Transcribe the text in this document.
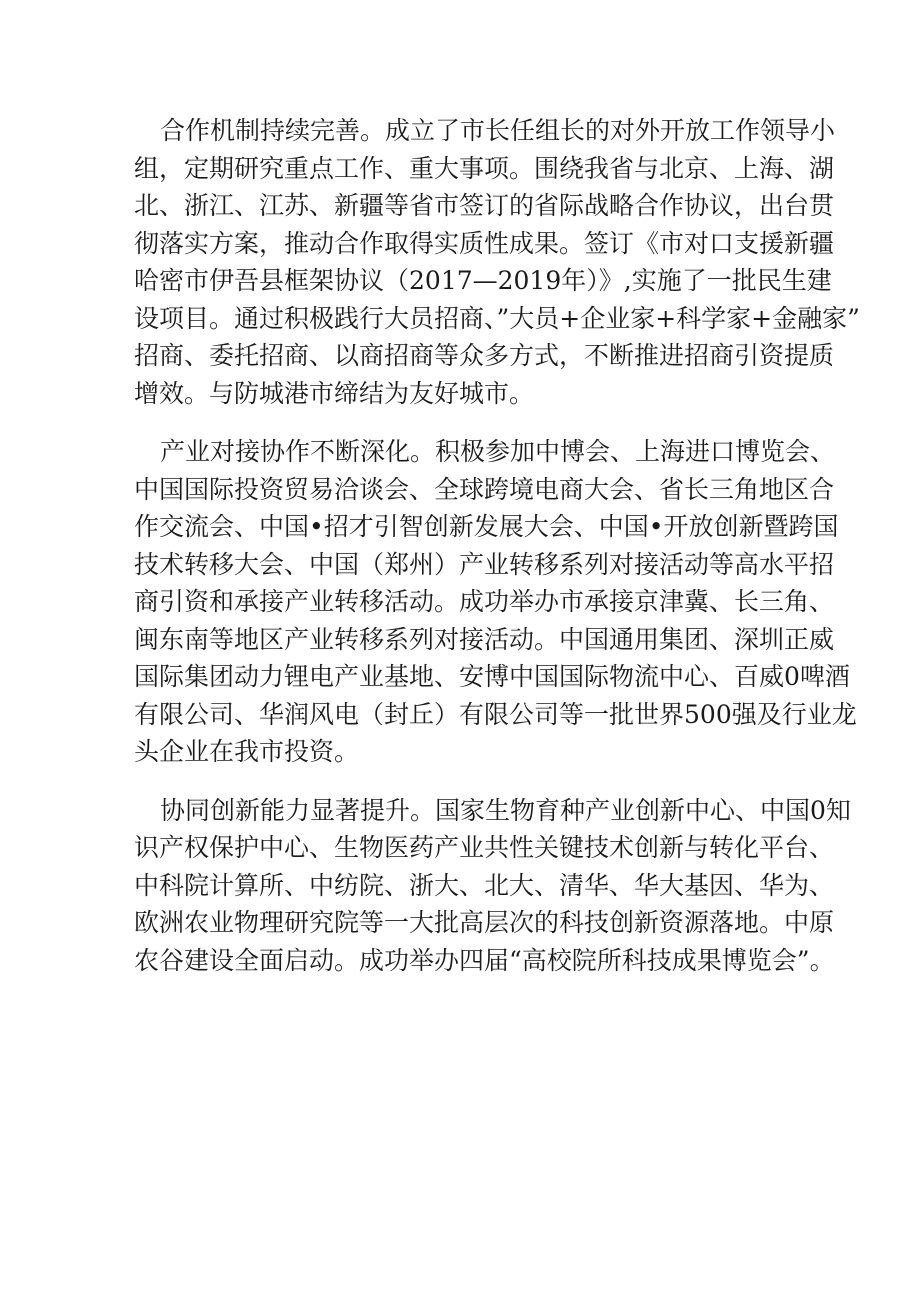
合作机制持续完善。成立了市长任组长的对外开放工作领导小
组，定期研究重点工作、重大事项。围绕我省与北京、上海、湖
北、浙江、江苏、新疆等省市签订的省际战略合作协议，出台贯
彻落实方案，推动合作取得实质性成果。签订《市对口支援新疆
哈密市伊吾县框架协议（2017—2019年）》,实施了一批民生建
设项目。通过积极践行大员招商、”大员+企业家+科学家+金融家”
招商、委托招商、以商招商等众多方式，不断推进招商引资提质
增效。与防城港市缔结为友好城市。
产业对接协作不断深化。积极参加中博会、上海进口博览会、
中国国际投资贸易洽谈会、全球跨境电商大会、省长三角地区合
作交流会、中国•招才引智创新发展大会、中国•开放创新暨跨国
技术转移大会、中国（郑州）产业转移系列对接活动等高水平招
商引资和承接产业转移活动。成功举办市承接京津冀、长三角、
闽东南等地区产业转移系列对接活动。中国通用集团、深圳正威
国际集团动力锂电产业基地、安博中国国际物流中心、百威0啤酒
有限公司、华润风电（封丘）有限公司等一批世界500强及行业龙
头企业在我市投资。
协同创新能力显著提升。国家生物育种产业创新中心、中国0知
识产权保护中心、生物医药产业共性关键技术创新与转化平台、
中科院计算所、中纺院、浙大、北大、清华、华大基因、华为、
欧洲农业物理研究院等一大批高层次的科技创新资源落地。中原
农谷建设全面启动。成功举办四届“高校院所科技成果博览会”。
